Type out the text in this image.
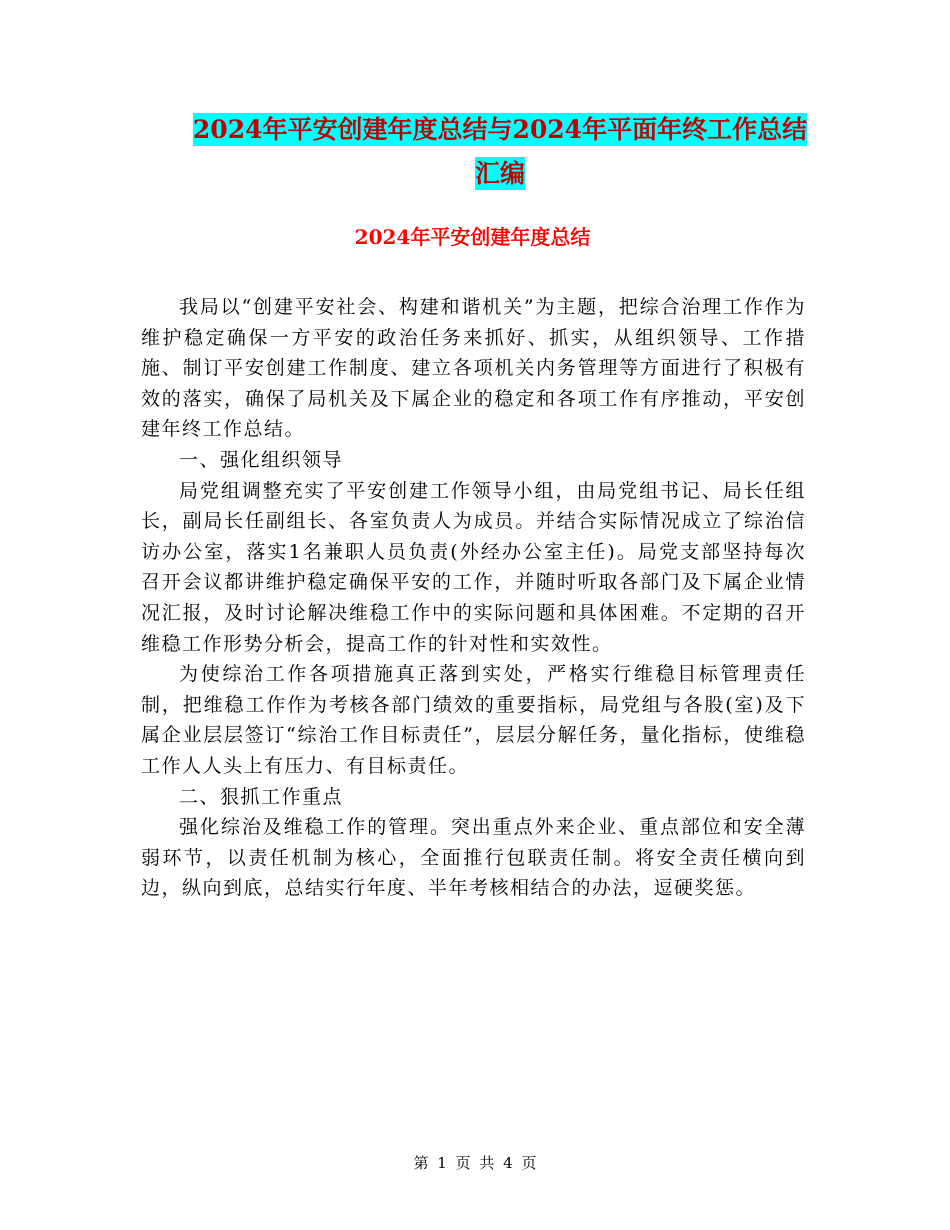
2024年平安创建年度总结与2024年平面年终工作总结
汇编
2024年平安创建年度总结

我局以“创建平安社会、构建和谐机关”为主题，把综合治理工作作为维护稳定确保一方平安的政治任务来抓好、抓实，从组织领导、工作措施、制订平安创建工作制度、建立各项机关内务管理等方面进行了积极有效的落实，确保了局机关及下属企业的稳定和各项工作有序推动，平安创建年终工作总结。

一、强化组织领导

局党组调整充实了平安创建工作领导小组，由局党组书记、局长任组长，副局长任副组长、各室负责人为成员。并结合实际情况成立了综治信访办公室，落实1名兼职人员负责(外经办公室主任)。局党支部坚持每次召开会议都讲维护稳定确保平安的工作，并随时听取各部门及下属企业情况汇报，及时讨论解决维稳工作中的实际问题和具体困难。不定期的召开维稳工作形势分析会，提高工作的针对性和实效性。

为使综治工作各项措施真正落到实处，严格实行维稳目标管理责任制，把维稳工作作为考核各部门绩效的重要指标，局党组与各股(室)及下属企业层层签订“综治工作目标责任”，层层分解任务，量化指标，使维稳工作人人头上有压力、有目标责任。

二、狠抓工作重点

强化综治及维稳工作的管理。突出重点外来企业、重点部位和安全薄弱环节，以责任机制为核心，全面推行包联责任制。将安全责任横向到边，纵向到底，总结实行年度、半年考核相结合的办法，逗硬奖惩。

第 1 页 共 4 页
